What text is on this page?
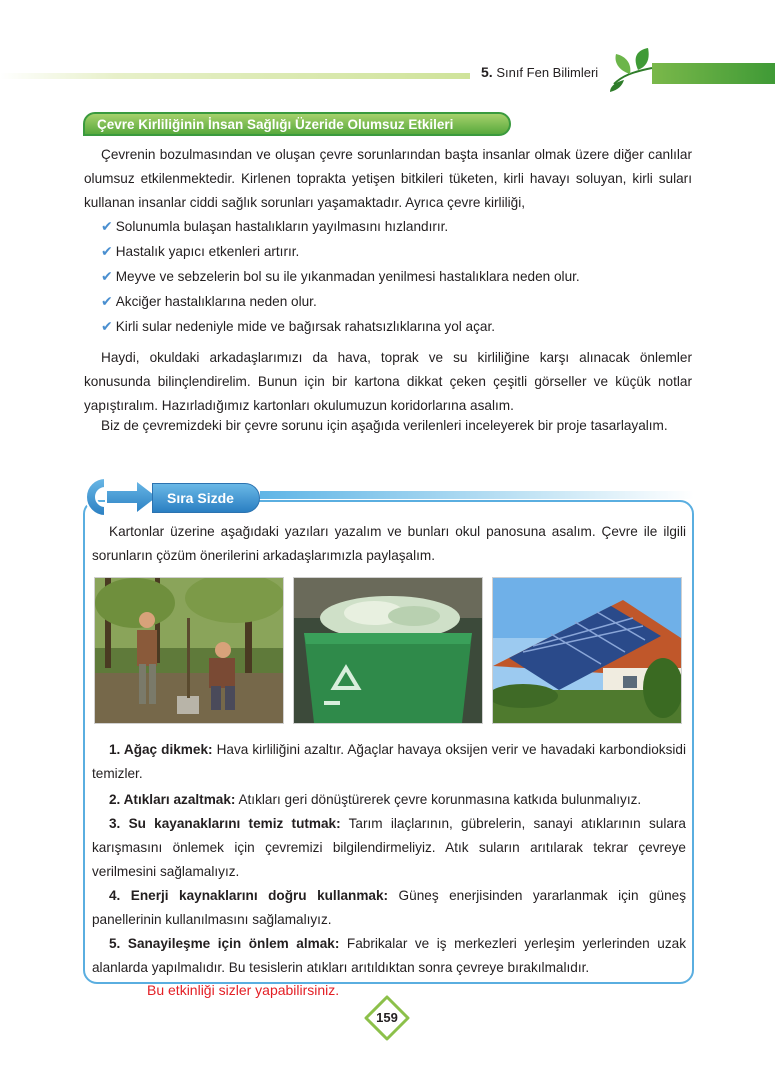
5. Sınıf Fen Bilimleri
Çevre Kirliliğinin İnsan Sağlığı Üzeride Olumsuz Etkileri
Çevrenin bozulmasından ve oluşan çevre sorunlarından başta insanlar olmak üzere diğer canlılar olumsuz etkilenmektedir. Kirlenen toprakta yetişen bitkileri tüketen, kirli havayı soluyan, kirli suları kullanan insanlar ciddi sağlık sorunları yaşamaktadır. Ayrıca çevre kirliliği,
✔ Solunumla bulaşan hastalıkların yayılmasını hızlandırır.
✔ Hastalık yapıcı etkenleri artırır.
✔ Meyve ve sebzelerin bol su ile yıkanmadan yenilmesi hastalıklara neden olur.
✔ Akciğer hastalıklarına neden olur.
✔ Kirli sular nedeniyle mide ve bağırsak rahatsızlıklarına yol açar.
Haydi, okuldaki arkadaşlarımızı da hava, toprak ve su kirliliğine karşı alınacak önlemler konusunda bilinçlendirelim. Bunun için bir kartona dikkat çeken çeşitli görseller ve küçük notlar yapıştıralım. Hazırladığımız kartonları okulumuzun koridorlarına asalım.
Biz de çevremizdeki bir çevre sorunu için aşağıda verilenleri inceleyerek bir proje tasarlayalım.
Sıra Sizde
Kartonlar üzerine aşağıdaki yazıları yazalım ve bunları okul panosuna asalım. Çevre ile ilgili sorunların çözüm önerilerini arkadaşlarımızla paylaşalım.
1. Ağaç dikmek: Hava kirliliğini azaltır. Ağaçlar havaya oksijen verir ve havadaki karbondioksidi temizler.
2. Atıkları azaltmak: Atıkları geri dönüştürerek çevre korunmasına katkıda bulunmalıyız.
3. Su kayanaklarını temiz tutmak: Tarım ilaçlarının, gübrelerin, sanayi atıklarının sulara karışmasını önlemek için çevremizi bilgilendirmeliyiz. Atık suların arıtılarak tekrar çevreye verilmesini sağlamalıyız.
4. Enerji kaynaklarını doğru kullanmak: Güneş enerjisinden yararlanmak için güneş panellerinin kullanılmasını sağlamalıyız.
5. Sanayileşme için önlem almak: Fabrikalar ve iş merkezleri yerleşim yerlerinden uzak alanlarda yapılmalıdır. Bu tesislerin atıkları arıtıldıktan sonra çevreye bırakılmalıdır.
Bu etkinliği sizler yapabilirsiniz.
159
